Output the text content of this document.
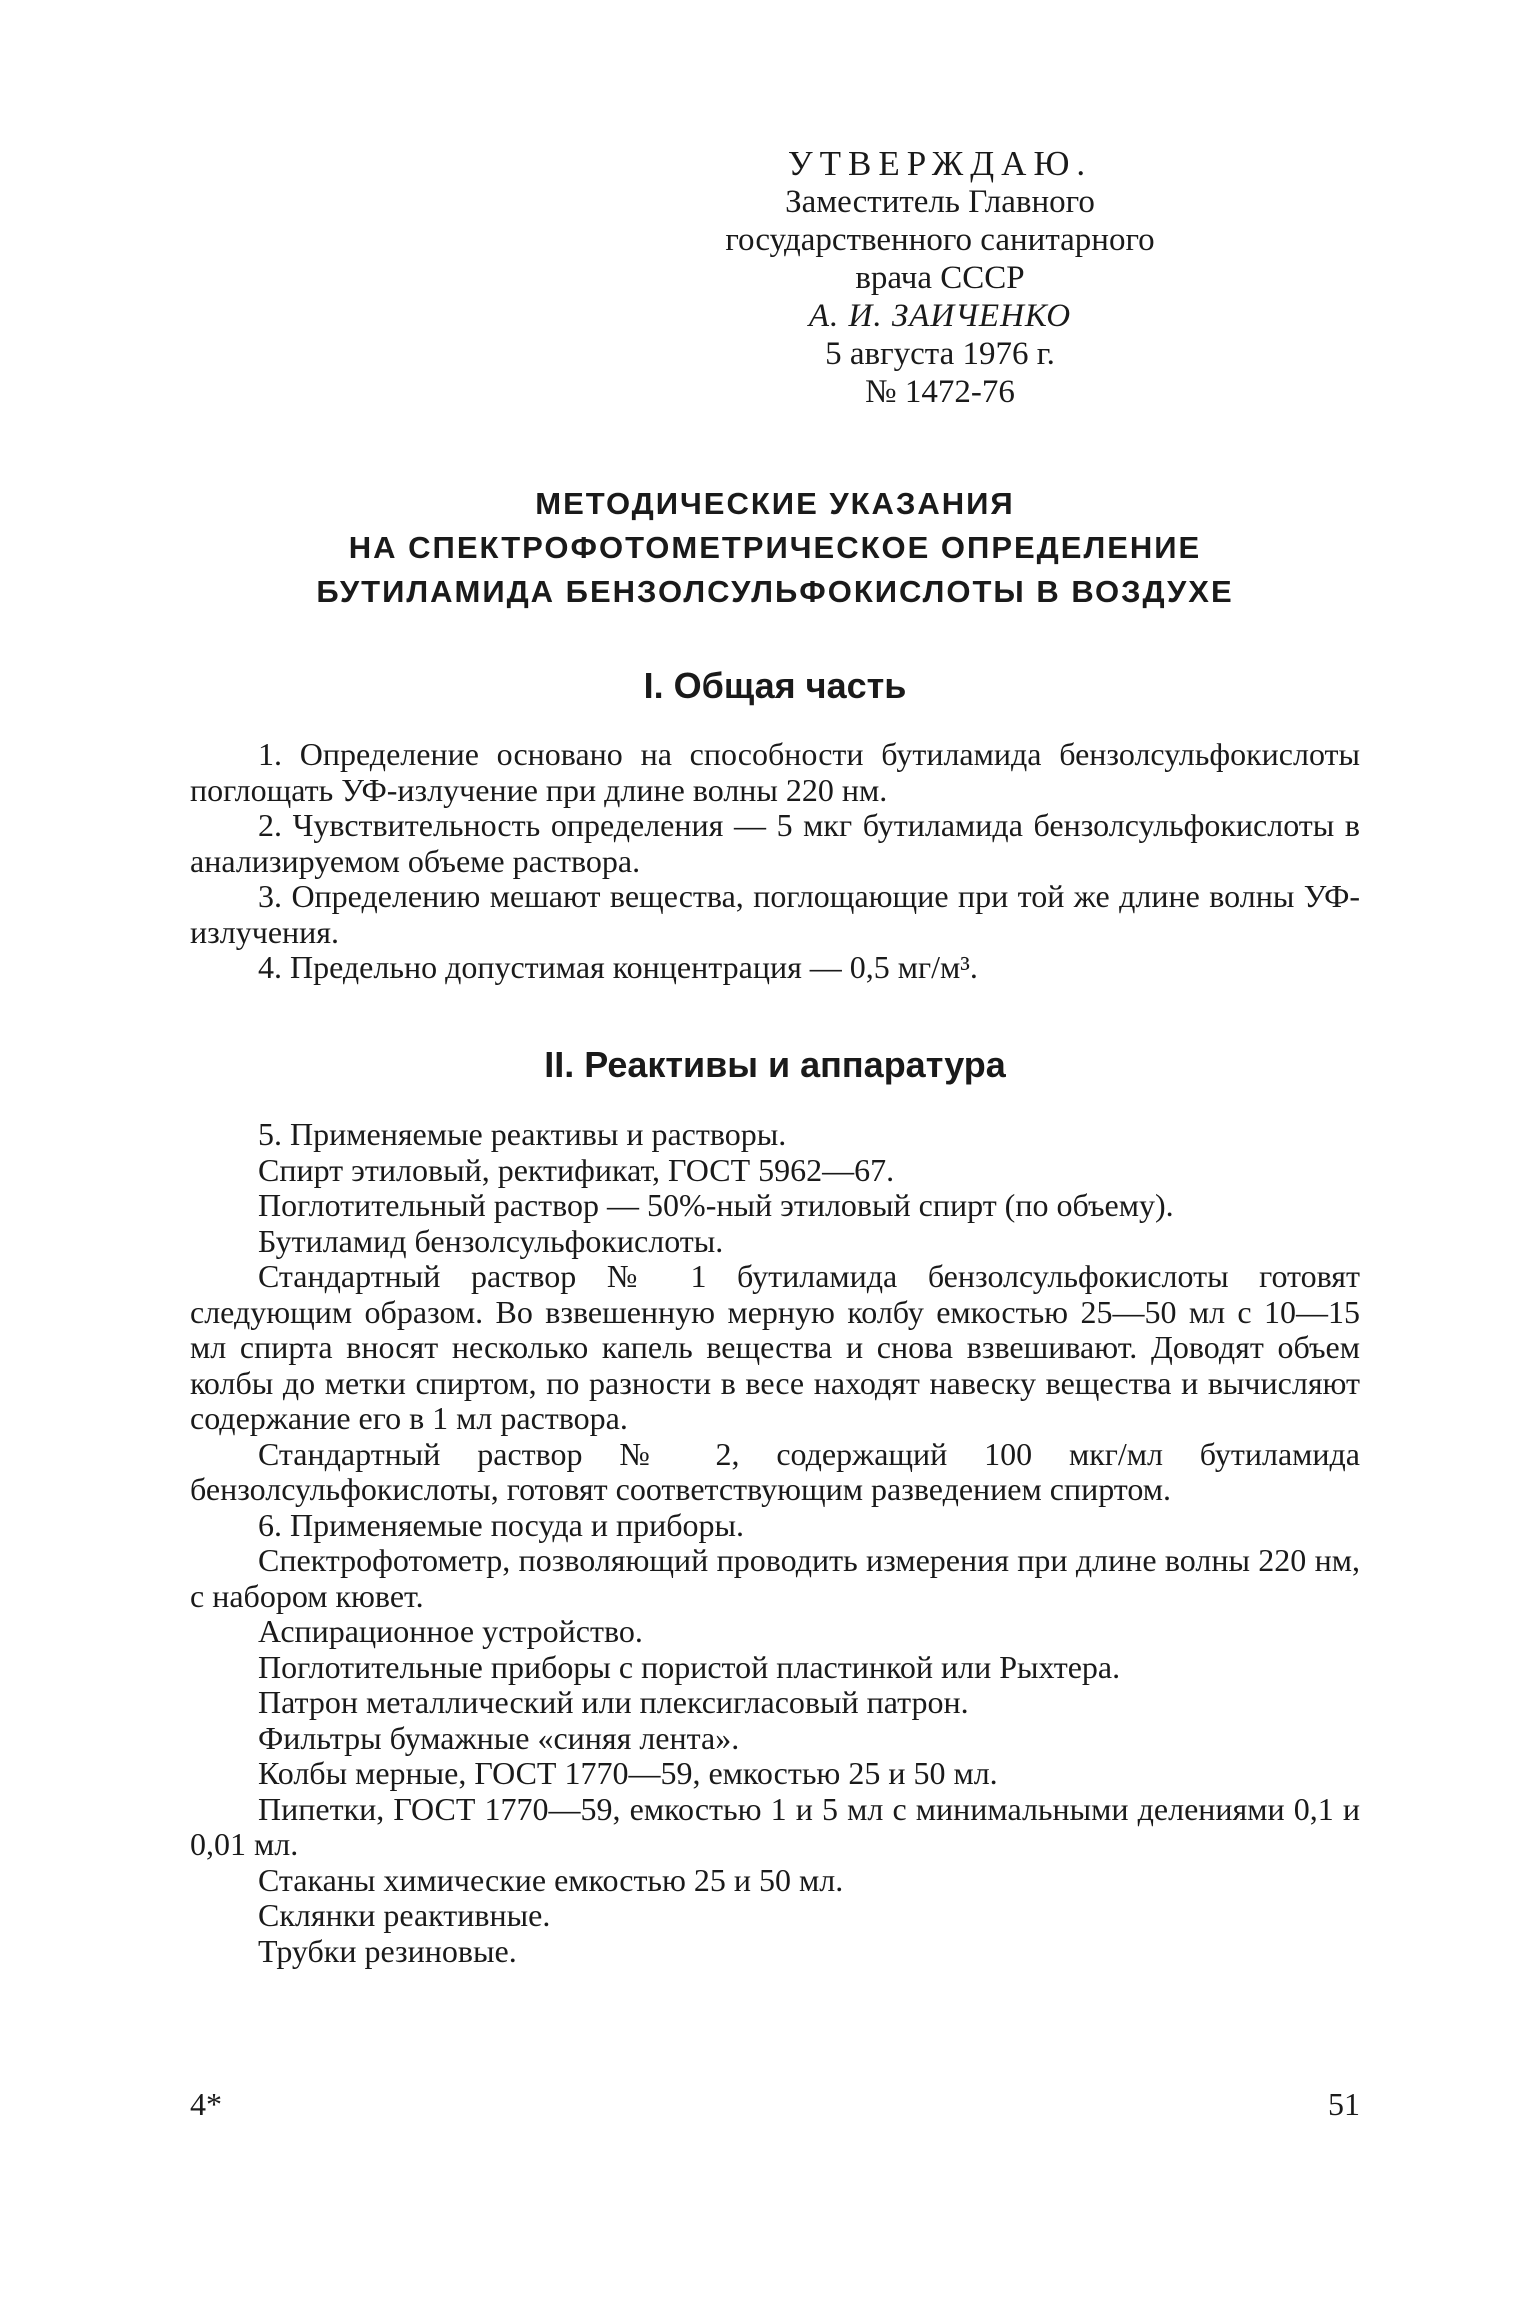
УТВЕРЖДАЮ.
Заместитель Главного
государственного санитарного
врача СССР
А. И. ЗАИЧЕНКО
5 августа 1976 г.
№ 1472-76
МЕТОДИЧЕСКИЕ УКАЗАНИЯ
НА СПЕКТРОФОТОМЕТРИЧЕСКОЕ ОПРЕДЕЛЕНИЕ
БУТИЛАМИДА БЕНЗОЛСУЛЬФОКИСЛОТЫ В ВОЗДУХЕ
I. Общая часть

1. Определение основано на способности бутиламида бензолсульфокислоты поглощать УФ-излучение при длине волны 220 нм.

2. Чувствительность определения — 5 мкг бутиламида бензолсульфокислоты в анализируемом объеме раствора.

3. Определению мешают вещества, поглощающие при той же длине волны УФ-излучения.

4. Предельно допустимая концентрация — 0,5 мг/м³.

II. Реактивы и аппаратура

5. Применяемые реактивы и растворы.

Спирт этиловый, ректификат, ГОСТ 5962—67.

Поглотительный раствор — 50%-ный этиловый спирт (по объему).

Бутиламид бензолсульфокислоты.

Стандартный раствор № 1 бутиламида бензолсульфокислоты готовят следующим образом. Во взвешенную мерную колбу емкостью 25—50 мл с 10—15 мл спирта вносят несколько капель вещества и снова взвешивают. Доводят объем колбы до метки спиртом, по разности в весе находят навеску вещества и вычисляют содержание его в 1 мл раствора.

Стандартный раствор № 2, содержащий 100 мкг/мл бутиламида бензолсульфокислоты, готовят соответствующим разведением спиртом.

6. Применяемые посуда и приборы.

Спектрофотометр, позволяющий проводить измерения при длине волны 220 нм, с набором кювет.

Аспирационное устройство.

Поглотительные приборы с пористой пластинкой или Рыхтера.

Патрон металлический или плексигласовый патрон.

Фильтры бумажные «синяя лента».

Колбы мерные, ГОСТ 1770—59, емкостью 25 и 50 мл.

Пипетки, ГОСТ 1770—59, емкостью 1 и 5 мл с минимальными делениями 0,1 и 0,01 мл.

Стаканы химические емкостью 25 и 50 мл.

Склянки реактивные.

Трубки резиновые.

4*	51
